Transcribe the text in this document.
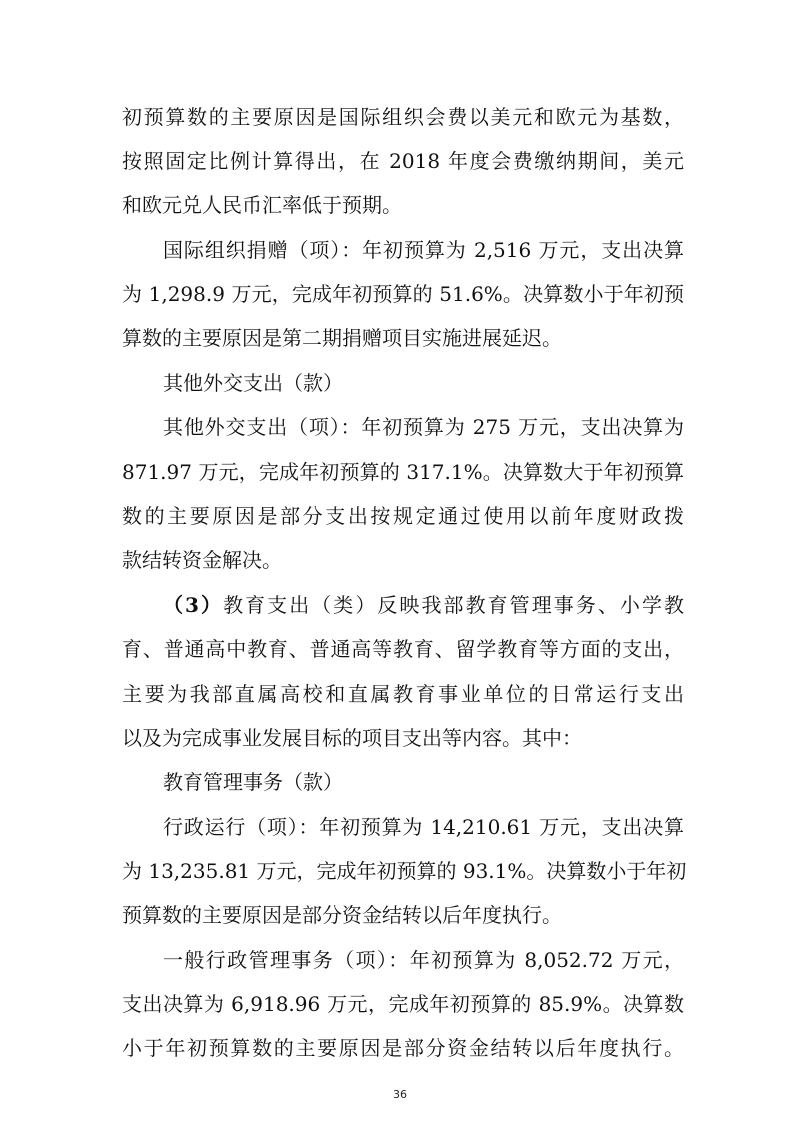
初预算数的主要原因是国际组织会费以美元和欧元为基数，
按照固定比例计算得出，在 2018 年度会费缴纳期间，美元
和欧元兑人民币汇率低于预期。
国际组织捐赠（项）：年初预算为 2,516 万元，支出决算
为 1,298.9 万元，完成年初预算的 51.6%。决算数小于年初预
算数的主要原因是第二期捐赠项目实施进展延迟。
其他外交支出（款）
其他外交支出（项）：年初预算为 275 万元，支出决算为
871.97 万元，完成年初预算的 317.1%。决算数大于年初预算
数的主要原因是部分支出按规定通过使用以前年度财政拨
款结转资金解决。
（3）教育支出（类）反映我部教育管理事务、小学教
育、普通高中教育、普通高等教育、留学教育等方面的支出，
主要为我部直属高校和直属教育事业单位的日常运行支出
以及为完成事业发展目标的项目支出等内容。其中：
教育管理事务（款）
行政运行（项）：年初预算为 14,210.61 万元，支出决算
为 13,235.81 万元，完成年初预算的 93.1%。决算数小于年初
预算数的主要原因是部分资金结转以后年度执行。
一般行政管理事务（项）：年初预算为 8,052.72 万元，
支出决算为 6,918.96 万元，完成年初预算的 85.9%。决算数
小于年初预算数的主要原因是部分资金结转以后年度执行。
36
